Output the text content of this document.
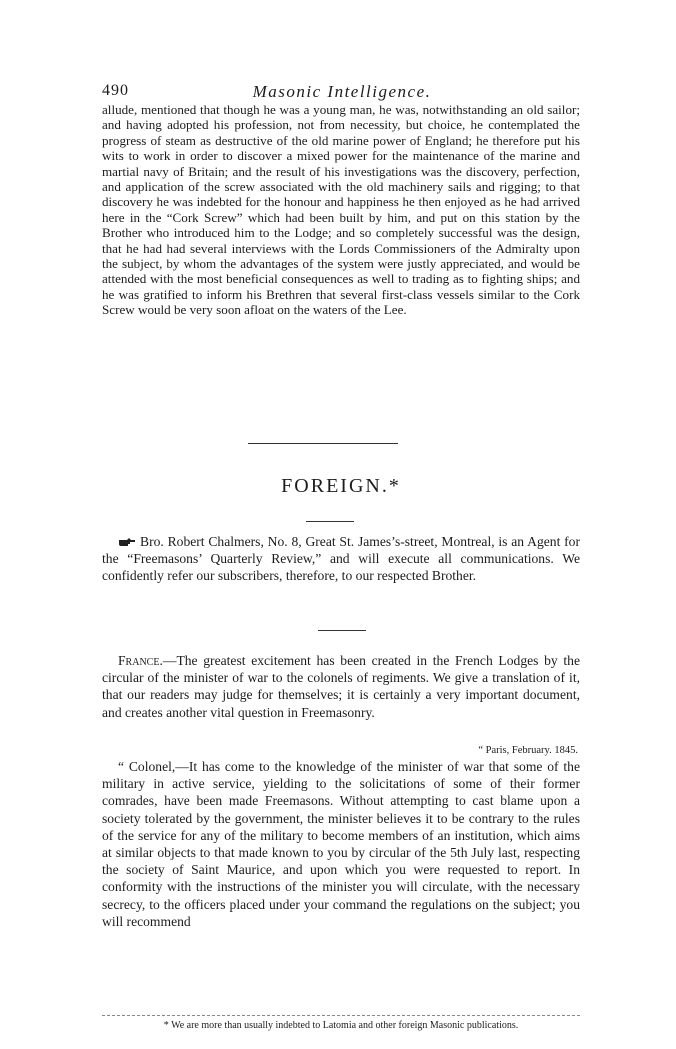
490	Masonic Intelligence.
allude, mentioned that though he was a young man, he was, notwithstanding an old sailor; and having adopted his profession, not from necessity, but choice, he contemplated the progress of steam as destructive of the old marine power of England; he therefore put his wits to work in order to discover a mixed power for the maintenance of the marine and martial navy of Britain; and the result of his investigations was the discovery, perfection, and application of the screw associated with the old machinery sails and rigging; to that discovery he was indebted for the honour and happiness he then enjoyed as he had arrived here in the “Cork Screw” which had been built by him, and put on this station by the Brother who introduced him to the Lodge; and so completely successful was the design, that he had had several interviews with the Lords Commissioners of the Admiralty upon the subject, by whom the advantages of the system were justly appreciated, and would be attended with the most beneficial consequences as well to trading as to fighting ships; and he was gratified to inform his Brethren that several first-class vessels similar to the Cork Screw would be very soon afloat on the waters of the Lee.
FOREIGN.*
Bro. Robert Chalmers, No. 8, Great St. James’s-street, Montreal, is an Agent for the “Freemasons’ Quarterly Review,” and will execute all communications. We confidently refer our subscribers, therefore, to our respected Brother.
France.—The greatest excitement has been created in the French Lodges by the circular of the minister of war to the colonels of regiments. We give a translation of it, that our readers may judge for themselves; it is certainly a very important document, and creates another vital question in Freemasonry.
“ Paris, February. 1845.
“ Colonel,—It has come to the knowledge of the minister of war that some of the military in active service, yielding to the solicitations of some of their former comrades, have been made Freemasons. Without attempting to cast blame upon a society tolerated by the government, the minister believes it to be contrary to the rules of the service for any of the military to become members of an institution, which aims at similar objects to that made known to you by circular of the 5th July last, respecting the society of Saint Maurice, and upon which you were requested to report. In conformity with the instructions of the minister you will circulate, with the necessary secrecy, to the officers placed under your command the regulations on the subject; you will recommend
* We are more than usually indebted to Latomia and other foreign Masonic publications.
